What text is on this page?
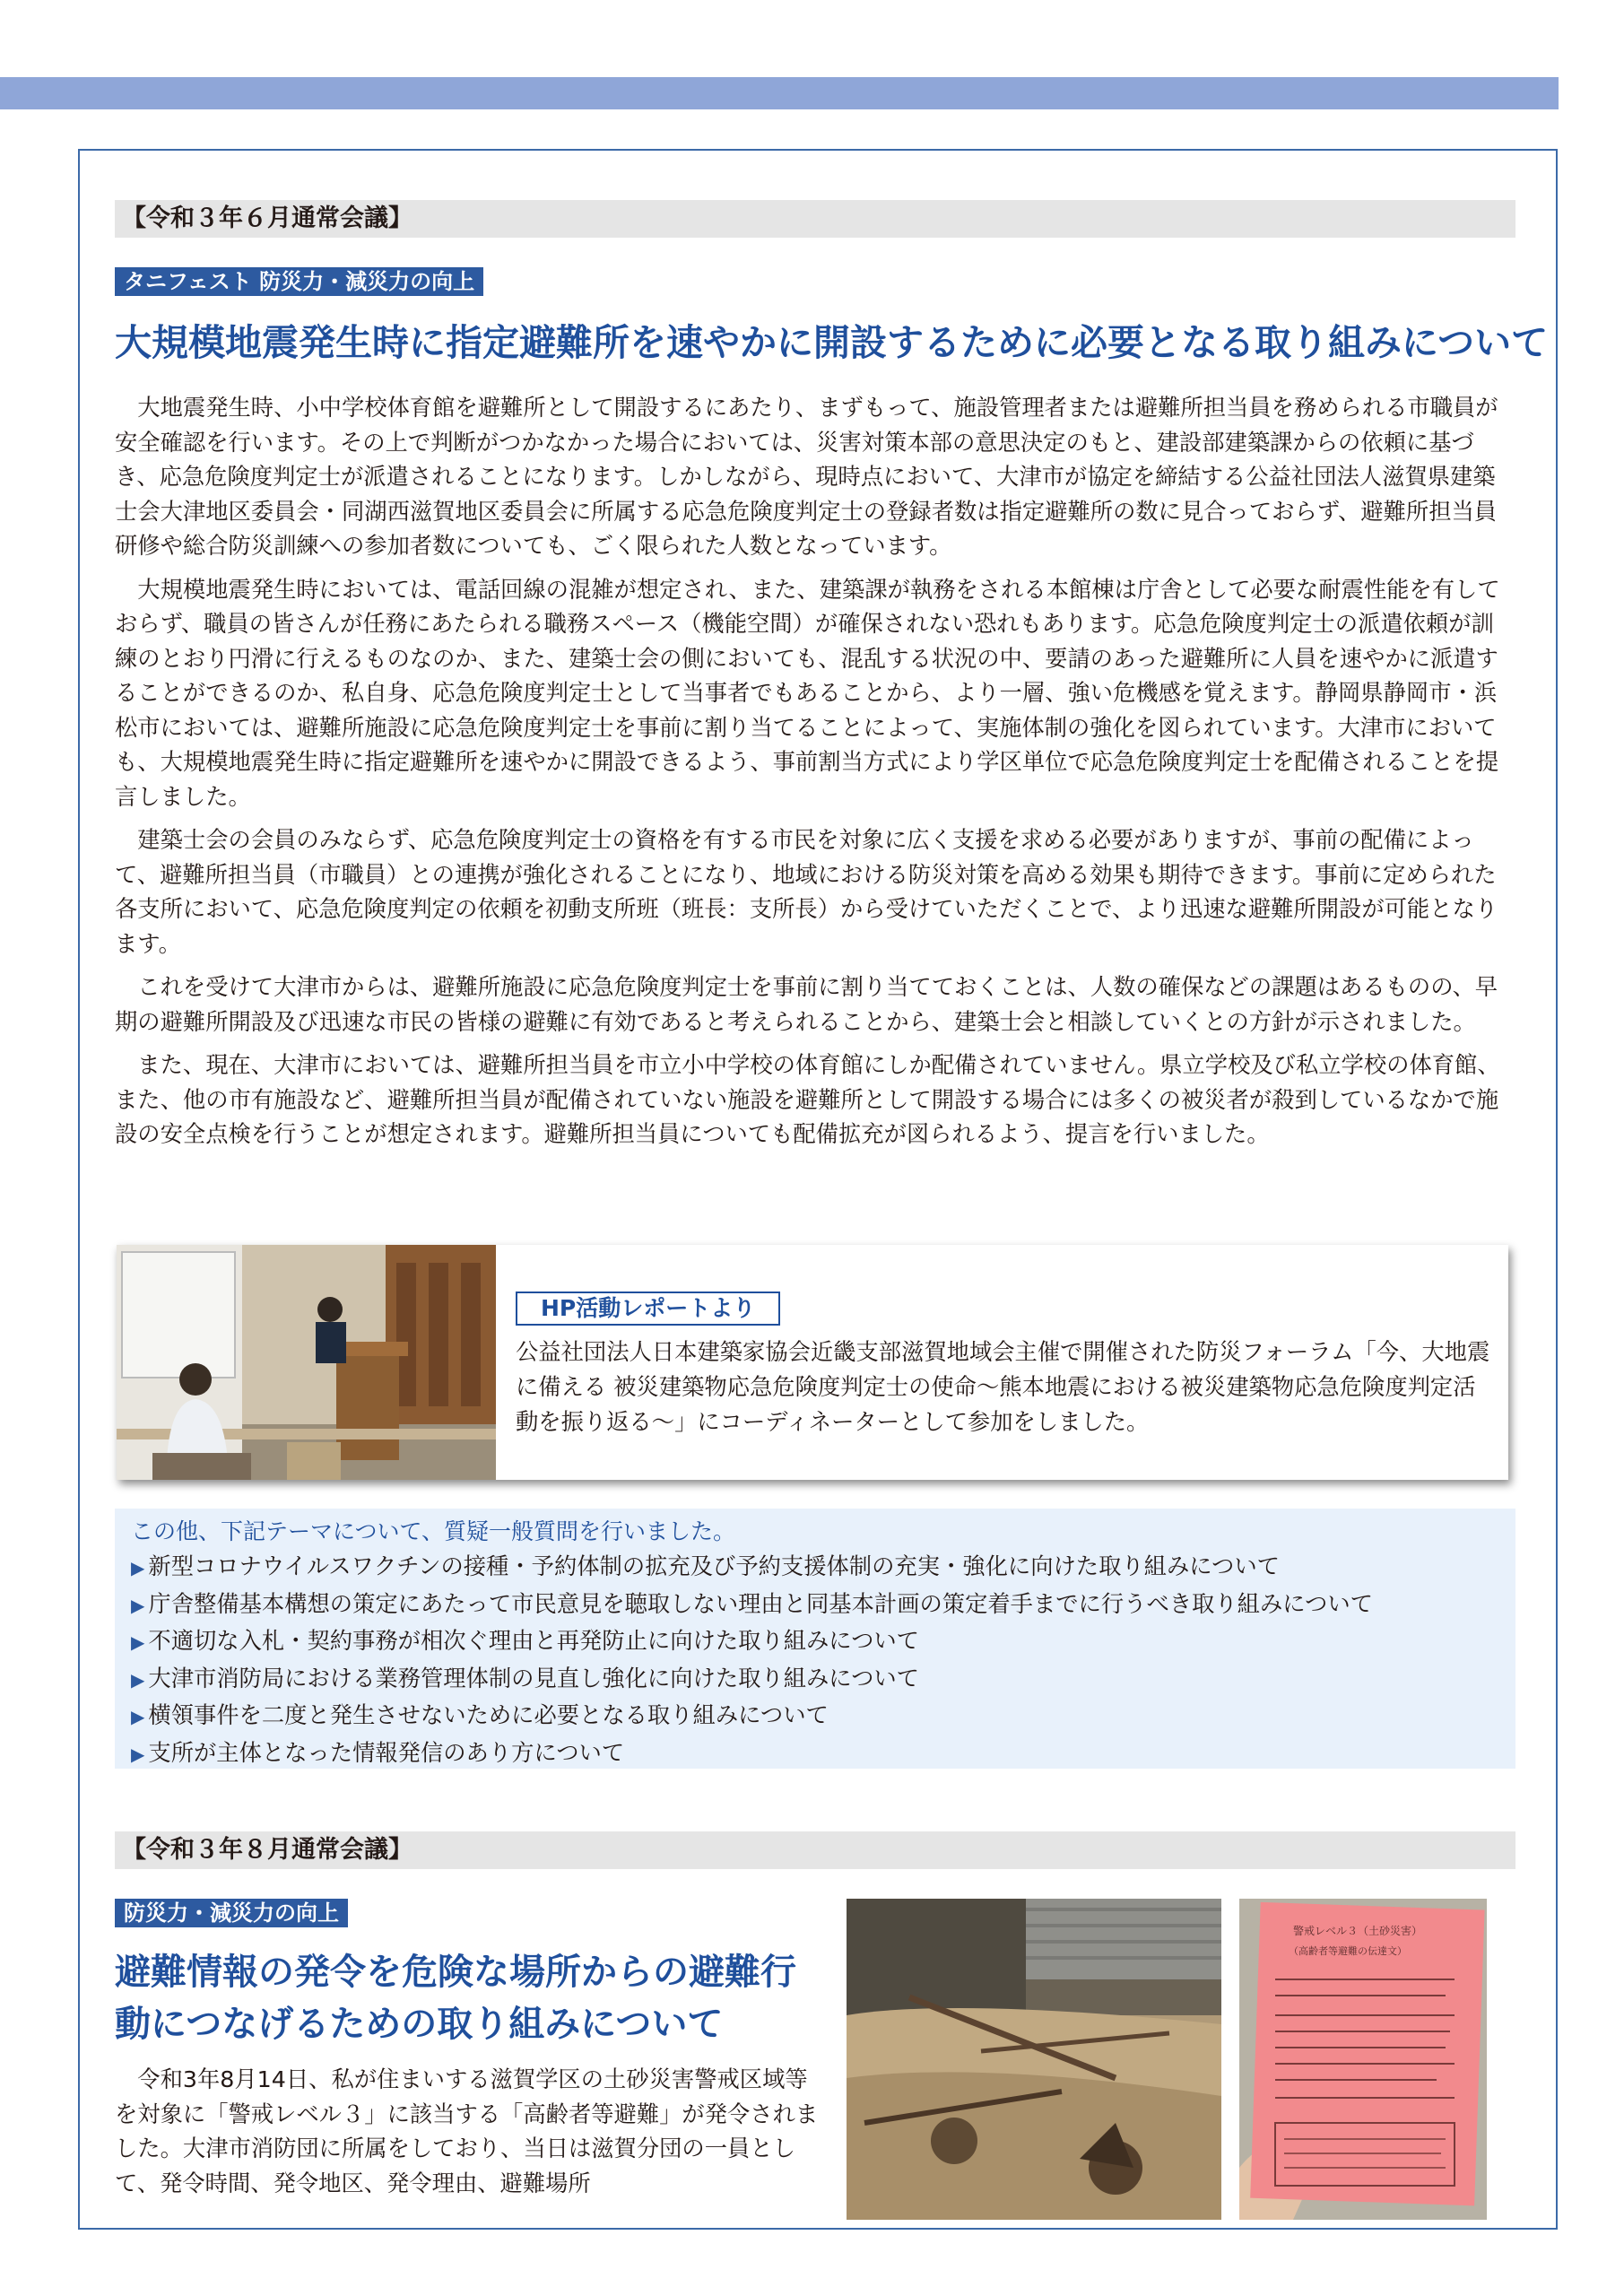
【令和３年６月通常会議】
タニフェスト 防災力・減災力の向上
大規模地震発生時に指定避難所を速やかに開設するために必要となる取り組みについて

大地震発生時、小中学校体育館を避難所として開設するにあたり、まずもって、施設管理者または避難所担当員を務められる市職員が安全確認を行います。その上で判断がつかなかった場合においては、災害対策本部の意思決定のもと、建設部建築課からの依頼に基づき、応急危険度判定士が派遣されることになります。しかしながら、現時点において、大津市が協定を締結する公益社団法人滋賀県建築士会大津地区委員会・同湖西滋賀地区委員会に所属する応急危険度判定士の登録者数は指定避難所の数に見合っておらず、避難所担当員研修や総合防災訓練への参加者数についても、ごく限られた人数となっています。

大規模地震発生時においては、電話回線の混雑が想定され、また、建築課が執務をされる本館棟は庁舎として必要な耐震性能を有しておらず、職員の皆さんが任務にあたられる職務スペース（機能空間）が確保されない恐れもあります。応急危険度判定士の派遣依頼が訓練のとおり円滑に行えるものなのか、また、建築士会の側においても、混乱する状況の中、要請のあった避難所に人員を速やかに派遣することができるのか、私自身、応急危険度判定士として当事者でもあることから、より一層、強い危機感を覚えます。静岡県静岡市・浜松市においては、避難所施設に応急危険度判定士を事前に割り当てることによって、実施体制の強化を図られています。大津市においても、大規模地震発生時に指定避難所を速やかに開設できるよう、事前割当方式により学区単位で応急危険度判定士を配備されることを提言しました。

建築士会の会員のみならず、応急危険度判定士の資格を有する市民を対象に広く支援を求める必要がありますが、事前の配備によって、避難所担当員（市職員）との連携が強化されることになり、地域における防災対策を高める効果も期待できます。事前に定められた各支所において、応急危険度判定の依頼を初動支所班（班長：支所長）から受けていただくことで、より迅速な避難所開設が可能となります。

これを受けて大津市からは、避難所施設に応急危険度判定士を事前に割り当てておくことは、人数の確保などの課題はあるものの、早期の避難所開設及び迅速な市民の皆様の避難に有効であると考えられることから、建築士会と相談していくとの方針が示されました。

また、現在、大津市においては、避難所担当員を市立小中学校の体育館にしか配備されていません。県立学校及び私立学校の体育館、また、他の市有施設など、避難所担当員が配備されていない施設を避難所として開設する場合には多くの被災者が殺到しているなかで施設の安全点検を行うことが想定されます。避難所担当員についても配備拡充が図られるよう、提言を行いました。

HP活動レポートより
公益社団法人日本建築家協会近畿支部滋賀地域会主催で開催された防災フォーラム「今、大地震に備える 被災建築物応急危険度判定士の使命～熊本地震における被災建築物応急危険度判定活動を振り返る～」にコーディネーターとして参加をしました。
この他、下記テーマについて、質疑一般質問を行いました。
▶ 新型コロナウイルスワクチンの接種・予約体制の拡充及び予約支援体制の充実・強化に向けた取り組みについて
▶ 庁舎整備基本構想の策定にあたって市民意見を聴取しない理由と同基本計画の策定着手までに行うべき取り組みについて
▶ 不適切な入札・契約事務が相次ぐ理由と再発防止に向けた取り組みについて
▶ 大津市消防局における業務管理体制の見直し強化に向けた取り組みについて
▶ 横領事件を二度と発生させないために必要となる取り組みについて
▶ 支所が主体となった情報発信のあり方について
【令和３年８月通常会議】
防災力・減災力の向上
避難情報の発令を危険な場所からの避難行
動につなげるための取り組みについて

令和3年8月14日、私が住まいする滋賀学区の土砂災害警戒区域等を対象に「警戒レベル３」に該当する「高齢者等避難」が発令されました。大津市消防団に所属をしており、当日は滋賀分団の一員として、発令時間、発令地区、発令理由、避難場所

警戒レベル３（土砂災害）
（高齢者等避難の伝達文）
